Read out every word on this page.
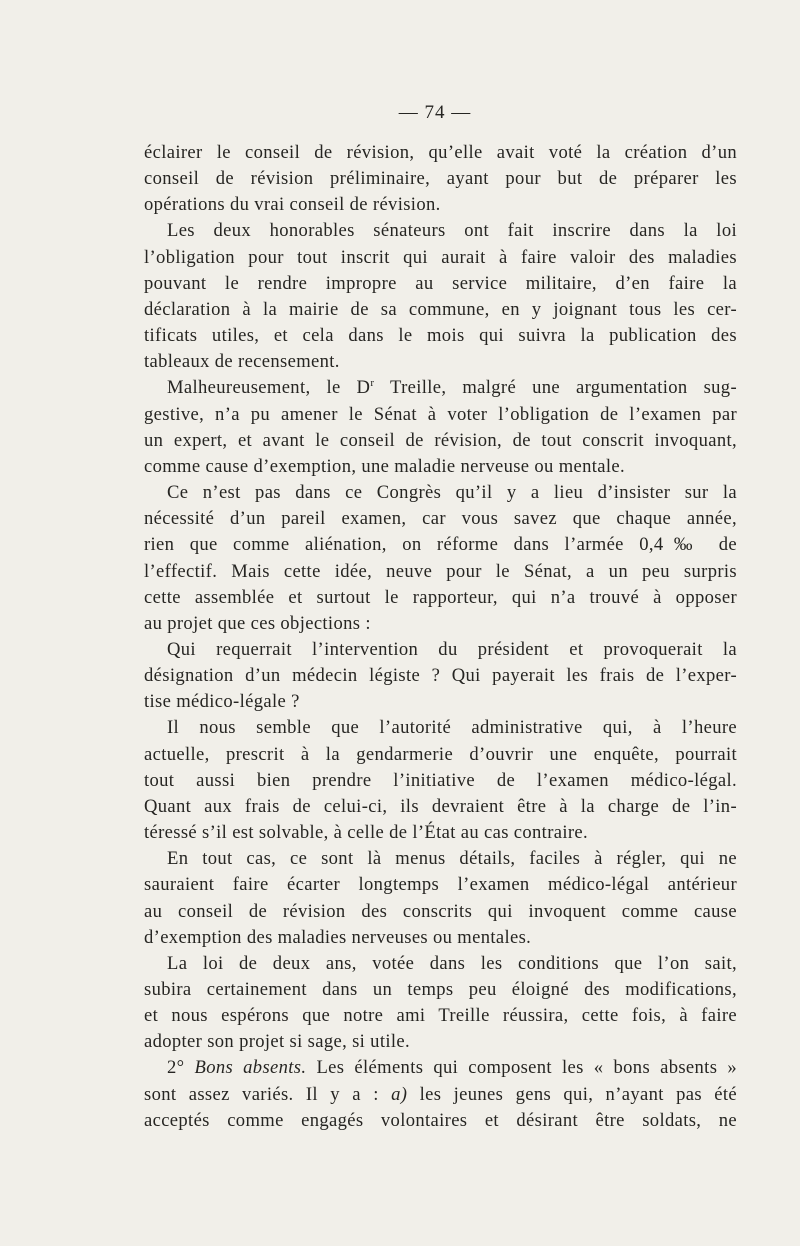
— 74 —
éclairer le conseil de révision, qu’elle avait voté la création d’un
conseil de révision préliminaire, ayant pour but de préparer les
opérations du vrai conseil de révision.
Les deux honorables sénateurs ont fait inscrire dans la loi
l’obligation pour tout inscrit qui aurait à faire valoir des maladies
pouvant le rendre impropre au service militaire, d’en faire la
déclaration à la mairie de sa commune, en y joignant tous les cer-
tificats utiles, et cela dans le mois qui suivra la publication des
tableaux de recensement.
Malheureusement, le $D^r$ Treille, malgré une argumentation sug-
gestive, n’a pu amener le Sénat à voter l’obligation de l’examen par
un expert, et avant le conseil de révision, de tout conscrit invoquant,
comme cause d’exemption, une maladie nerveuse ou mentale.
Ce n’est pas dans ce Congrès qu’il y a lieu d’insister sur la
nécessité d’un pareil examen, car vous savez que chaque année,
rien que comme aliénation, on réforme dans l’armée 0,4‰ de
l’effectif. Mais cette idée, neuve pour le Sénat, a un peu surpris
cette assemblée et surtout le rapporteur, qui n’a trouvé à opposer
au projet que ces objections :
Qui requerrait l’intervention du président et provoquerait la
désignation d’un médecin légiste ? Qui payerait les frais de l’exper-
tise médico-légale ?
Il nous semble que l’autorité administrative qui, à l’heure
actuelle, prescrit à la gendarmerie d’ouvrir une enquête, pourrait
tout aussi bien prendre l’initiative de l’examen médico-légal.
Quant aux frais de celui-ci, ils devraient être à la charge de l’in-
téressé s’il est solvable, à celle de l’État au cas contraire.
En tout cas, ce sont là menus détails, faciles à régler, qui ne
sauraient faire écarter longtemps l’examen médico-légal antérieur
au conseil de révision des conscrits qui invoquent comme cause
d’exemption des maladies nerveuses ou mentales.
La loi de deux ans, votée dans les conditions que l’on sait,
subira certainement dans un temps peu éloigné des modifications,
et nous espérons que notre ami Treille réussira, cette fois, à faire
adopter son projet si sage, si utile.
2° Bons absents. Les éléments qui composent les « bons absents »
sont assez variés. Il y a : a) les jeunes gens qui, n’ayant pas été
acceptés comme engagés volontaires et désirant être soldats, ne
